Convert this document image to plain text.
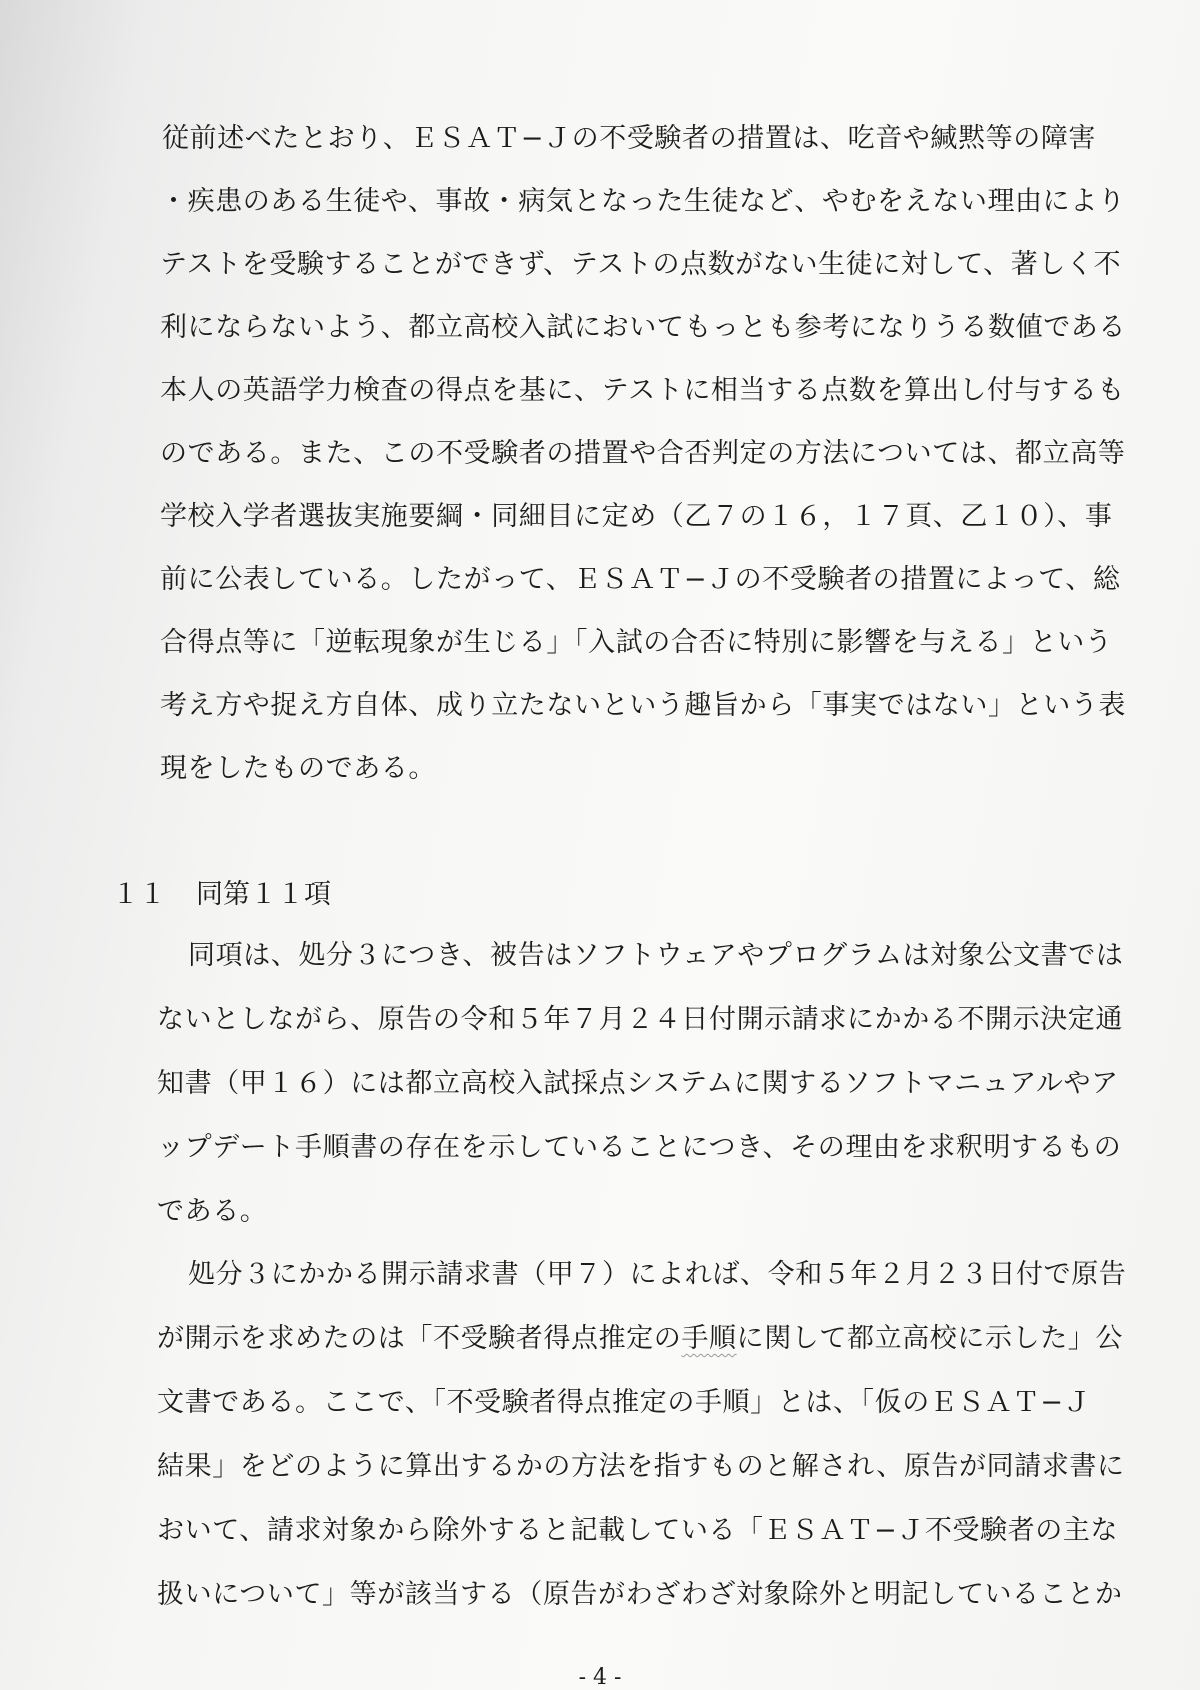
従前述べたとおり、ＥＳＡＴ−Ｊの不受験者の措置は、吃音や緘黙等の障害
・疾患のある生徒や、事故・病気となった生徒など、やむをえない理由により
テストを受験することができず、テストの点数がない生徒に対して、著しく不
利にならないよう、都立高校入試においてもっとも参考になりうる数値である
本人の英語学力検査の得点を基に、テストに相当する点数を算出し付与するも
のである。また、この不受験者の措置や合否判定の方法については、都立高等
学校入学者選抜実施要綱・同細目に定め（乙７の１６，１７頁、乙１０）、事
前に公表している。したがって、ＥＳＡＴ−Ｊの不受験者の措置によって、総
合得点等に「逆転現象が生じる」「入試の合否に特別に影響を与える」という
考え方や捉え方自体、成り立たないという趣旨から「事実ではない」という表
現をしたものである。
１１ 同第１１項
同項は、処分３につき、被告はソフトウェアやプログラムは対象公文書では
ないとしながら、原告の令和５年７月２４日付開示請求にかかる不開示決定通
知書（甲１６）には都立高校入試採点システムに関するソフトマニュアルやア
ップデート手順書の存在を示していることにつき、その理由を求釈明するもの
である。
処分３にかかる開示請求書（甲７）によれば、令和５年２月２３日付で原告
が開示を求めたのは「不受験者得点推定の手順に関して都立高校に示した」公
文書である。ここで、「不受験者得点推定の手順」とは、「仮のＥＳＡＴ−Ｊ
結果」をどのように算出するかの方法を指すものと解され、原告が同請求書に
おいて、請求対象から除外すると記載している「ＥＳＡＴ−Ｊ不受験者の主な
扱いについて」等が該当する（原告がわざわざ対象除外と明記していることか
- 4 -
